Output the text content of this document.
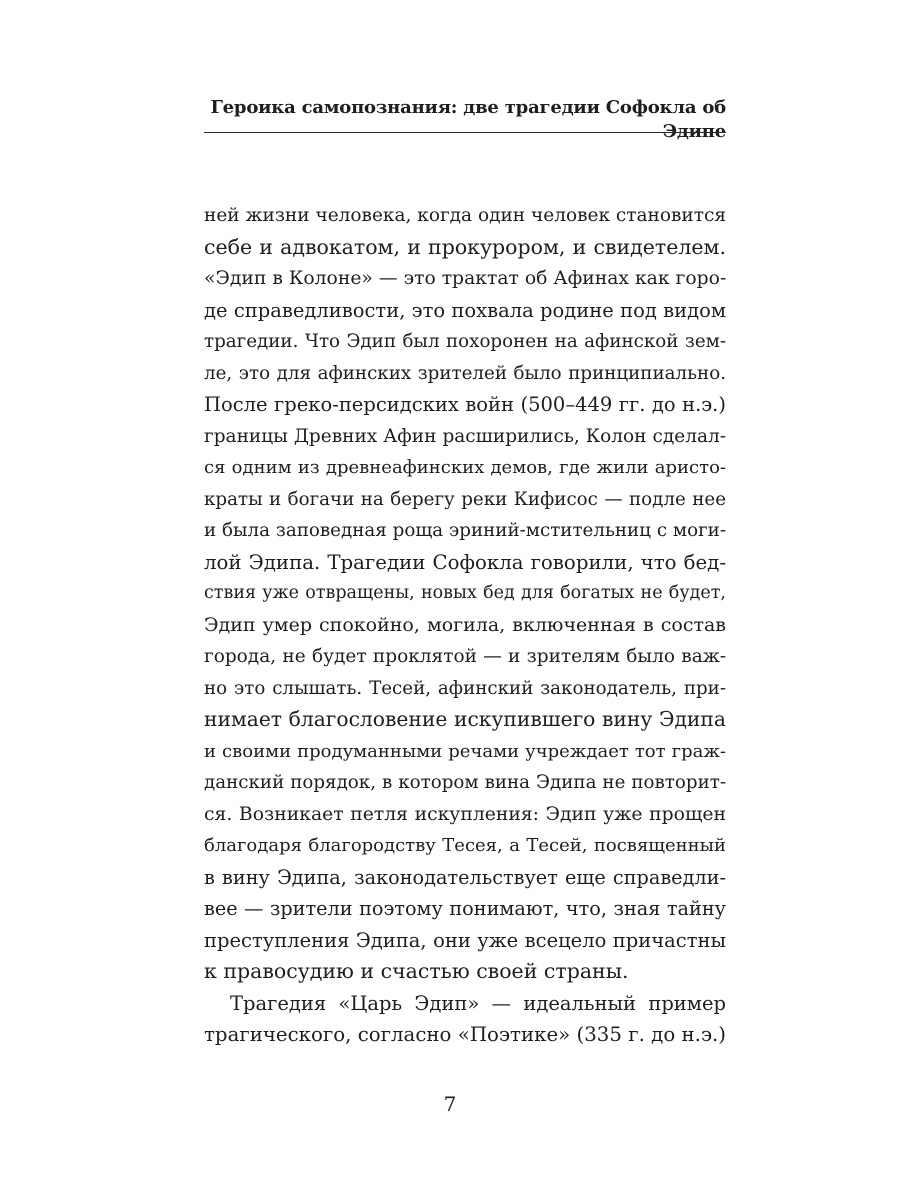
Героика самопознания: две трагедии Софокла об Эдипе
ней жизни человека, когда один человек становится
себе и адвокатом, и прокурором, и свидетелем.
«Эдип в Колоне» — это трактат об Афинах как горо-
де справедливости, это похвала родине под видом
трагедии. Что Эдип был похоронен на афинской зем-
ле, это для афинских зрителей было принципиально.
После греко-персидских войн (500–449 гг. до н.э.)
границы Древних Афин расширились, Колон сделал-
ся одним из древнеафинских демов, где жили аристо-
краты и богачи на берегу реки Кифисос — подле нее
и была заповедная роща эриний-мстительниц с моги-
лой Эдипа. Трагедии Софокла говорили, что бед-
ствия уже отвращены, новых бед для богатых не будет,
Эдип умер спокойно, могила, включенная в состав
города, не будет проклятой — и зрителям было важ-
но это слышать. Тесей, афинский законодатель, при-
нимает благословение искупившего вину Эдипа
и своими продуманными речами учреждает тот граж-
данский порядок, в котором вина Эдипа не повторит-
ся. Возникает петля искупления: Эдип уже прощен
благодаря благородству Тесея, а Тесей, посвященный
в вину Эдипа, законодательствует еще справедли-
вее — зрители поэтому понимают, что, зная тайну
преступления Эдипа, они уже всецело причастны
к правосудию и счастью своей страны.
Трагедия «Царь Эдип» — идеальный пример
трагического, согласно «Поэтике» (335 г. до н.э.)
7
